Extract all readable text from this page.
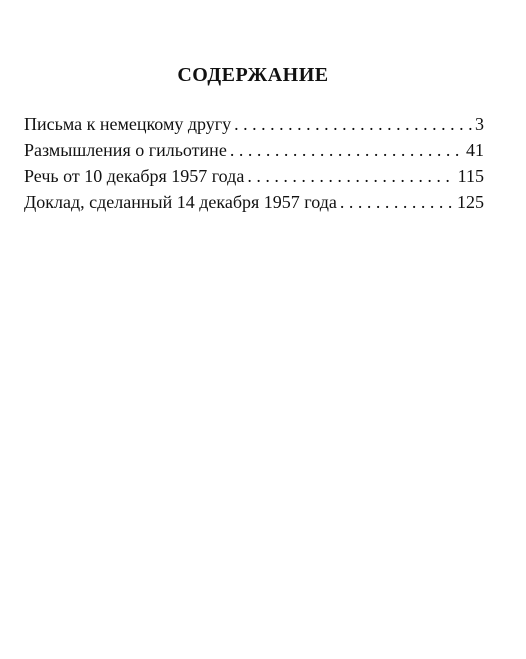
СОДЕРЖАНИЕ
Письма к немецкому другу . . .	3
Размышления о гильотине . . .	41
Речь от 10 декабря 1957 года . . .	115
Доклад, сделанный 14 декабря 1957 года . . .	125
